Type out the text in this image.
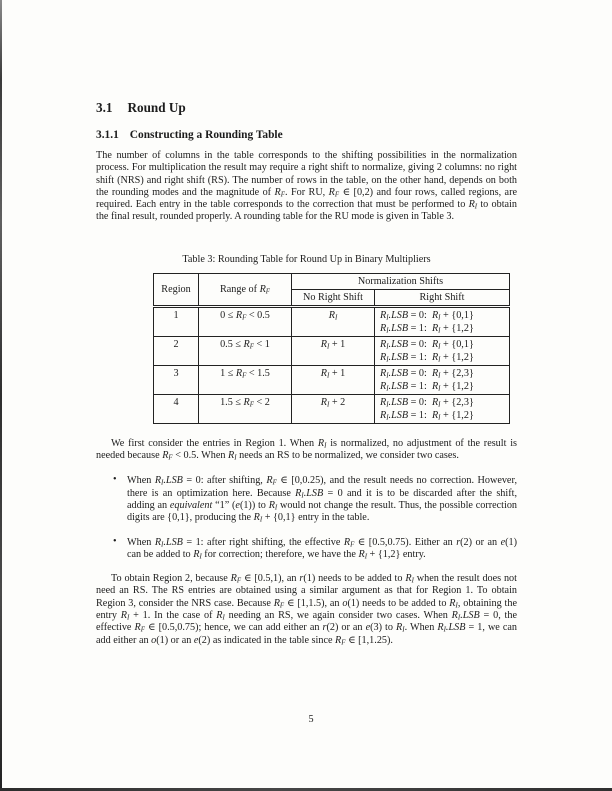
3.1 Round Up
3.1.1 Constructing a Rounding Table

The number of columns in the table corresponds to the shifting possibilities in the normalization process. For multiplication the result may require a right shift to normalize, giving 2 columns: no right shift (NRS) and right shift (RS). The number of rows in the table, on the other hand, depends on both the rounding modes and the magnitude of $R_F$. For RU, $R_F$ ∈ [0,2) and four rows, called regions, are required. Each entry in the table corresponds to the correction that must be performed to $R_I$ to obtain the final result, rounded properly. A rounding table for the RU mode is given in Table 3.

Table 3: Rounding Table for Round Up in Binary Multipliers
Region	Range of $R_F$	Normalization Shifts	
		No Right Shift	Right Shift
1	$0 \le R_F < 0.5$	$R_I$	$R_I.LSB = 0$:  $R_I + \{0,1\}$
$R_I.LSB = 1$:  $R_I + \{1,2\}$

2	$0.5 \le R_F < 1$	$R_I + 1$	$R_I.LSB = 0$:  $R_I + \{0,1\}$
$R_I.LSB = 1$:  $R_I + \{1,2\}$

3	$1 \le R_F < 1.5$	$R_I + 1$	$R_I.LSB = 0$:  $R_I + \{2,3\}$
$R_I.LSB = 1$:  $R_I + \{1,2\}$

4	$1.5 \le R_F < 2$	$R_I + 2$	$R_I.LSB = 0$:  $R_I + \{2,3\}$
$R_I.LSB = 1$:  $R_I + \{1,2\}$

We first consider the entries in Region 1. When $R_I$ is normalized, no adjustment of the result is needed because $R_F < 0.5$. When $R_I$ needs an RS to be normalized, we consider two cases.

• When $R_I.LSB = 0$: after shifting, $R_F$ ∈ [0,0.25), and the result needs no correction. However, there is an optimization here. Because $R_I.LSB = 0$ and it is to be discarded after the shift, adding an equivalent “1” (e(1)) to $R_I$ would not change the result. Thus, the possible correction digits are {0,1}, producing the $R_I + \{0,1\}$ entry in the table.
• When $R_I.LSB = 1$: after right shifting, the effective $R_F$ ∈ [0.5,0.75). Either an r(2) or an e(1) can be added to $R_I$ for correction; therefore, we have the $R_I + \{1,2\}$ entry.

To obtain Region 2, because $R_F$ ∈ [0.5,1), an r(1) needs to be added to $R_I$ when the result does not need an RS. The RS entries are obtained using a similar argument as that for Region 1. To obtain Region 3, consider the NRS case. Because $R_F$ ∈ [1,1.5), an o(1) needs to be added to $R_I$, obtaining the entry $R_I + 1$. In the case of $R_I$ needing an RS, we again consider two cases. When $R_I.LSB = 0$, the effective $R_F$ ∈ [0.5,0.75); hence, we can add either an r(2) or an e(3) to $R_I$. When $R_I.LSB = 1$, we can add either an o(1) or an e(2) as indicated in the table since $R_F$ ∈ [1,1.25).

5
